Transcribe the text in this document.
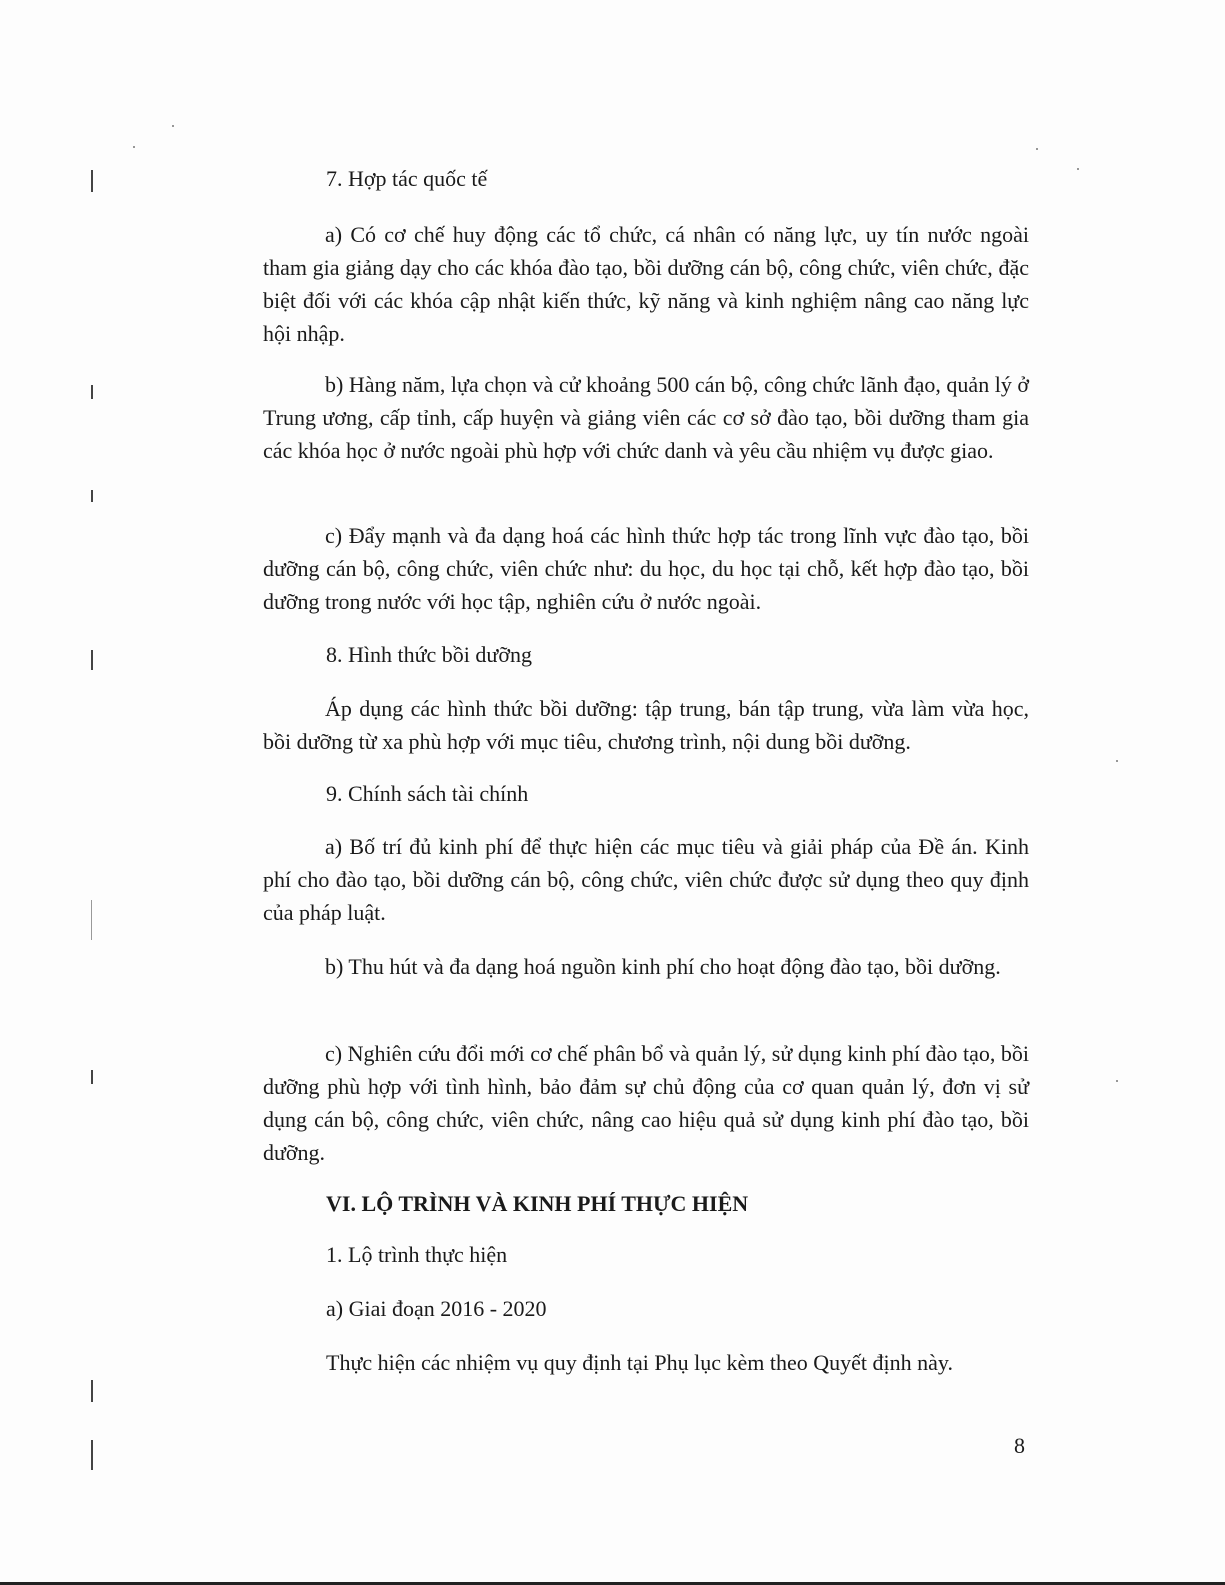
7. Hợp tác quốc tế
a) Có cơ chế huy động các tổ chức, cá nhân có năng lực, uy tín nước ngoài tham gia giảng dạy cho các khóa đào tạo, bồi dưỡng cán bộ, công chức, viên chức, đặc biệt đối với các khóa cập nhật kiến thức, kỹ năng và kinh nghiệm nâng cao năng lực hội nhập.
b) Hàng năm, lựa chọn và cử khoảng 500 cán bộ, công chức lãnh đạo, quản lý ở Trung ương, cấp tỉnh, cấp huyện và giảng viên các cơ sở đào tạo, bồi dưỡng tham gia các khóa học ở nước ngoài phù hợp với chức danh và yêu cầu nhiệm vụ được giao.
c) Đẩy mạnh và đa dạng hoá các hình thức hợp tác trong lĩnh vực đào tạo, bồi dưỡng cán bộ, công chức, viên chức như: du học, du học tại chỗ, kết hợp đào tạo, bồi dưỡng trong nước với học tập, nghiên cứu ở nước ngoài.
8. Hình thức bồi dưỡng
Áp dụng các hình thức bồi dưỡng: tập trung, bán tập trung, vừa làm vừa học, bồi dưỡng từ xa phù hợp với mục tiêu, chương trình, nội dung bồi dưỡng.
9. Chính sách tài chính
a) Bố trí đủ kinh phí để thực hiện các mục tiêu và giải pháp của Đề án. Kinh phí cho đào tạo, bồi dưỡng cán bộ, công chức, viên chức được sử dụng theo quy định của pháp luật.
b) Thu hút và đa dạng hoá nguồn kinh phí cho hoạt động đào tạo, bồi dưỡng.
c) Nghiên cứu đổi mới cơ chế phân bổ và quản lý, sử dụng kinh phí đào tạo, bồi dưỡng phù hợp với tình hình, bảo đảm sự chủ động của cơ quan quản lý, đơn vị sử dụng cán bộ, công chức, viên chức, nâng cao hiệu quả sử dụng kinh phí đào tạo, bồi dưỡng.
VI. LỘ TRÌNH VÀ KINH PHÍ THỰC HIỆN
1. Lộ trình thực hiện
a) Giai đoạn 2016 - 2020
Thực hiện các nhiệm vụ quy định tại Phụ lục kèm theo Quyết định này.
8
